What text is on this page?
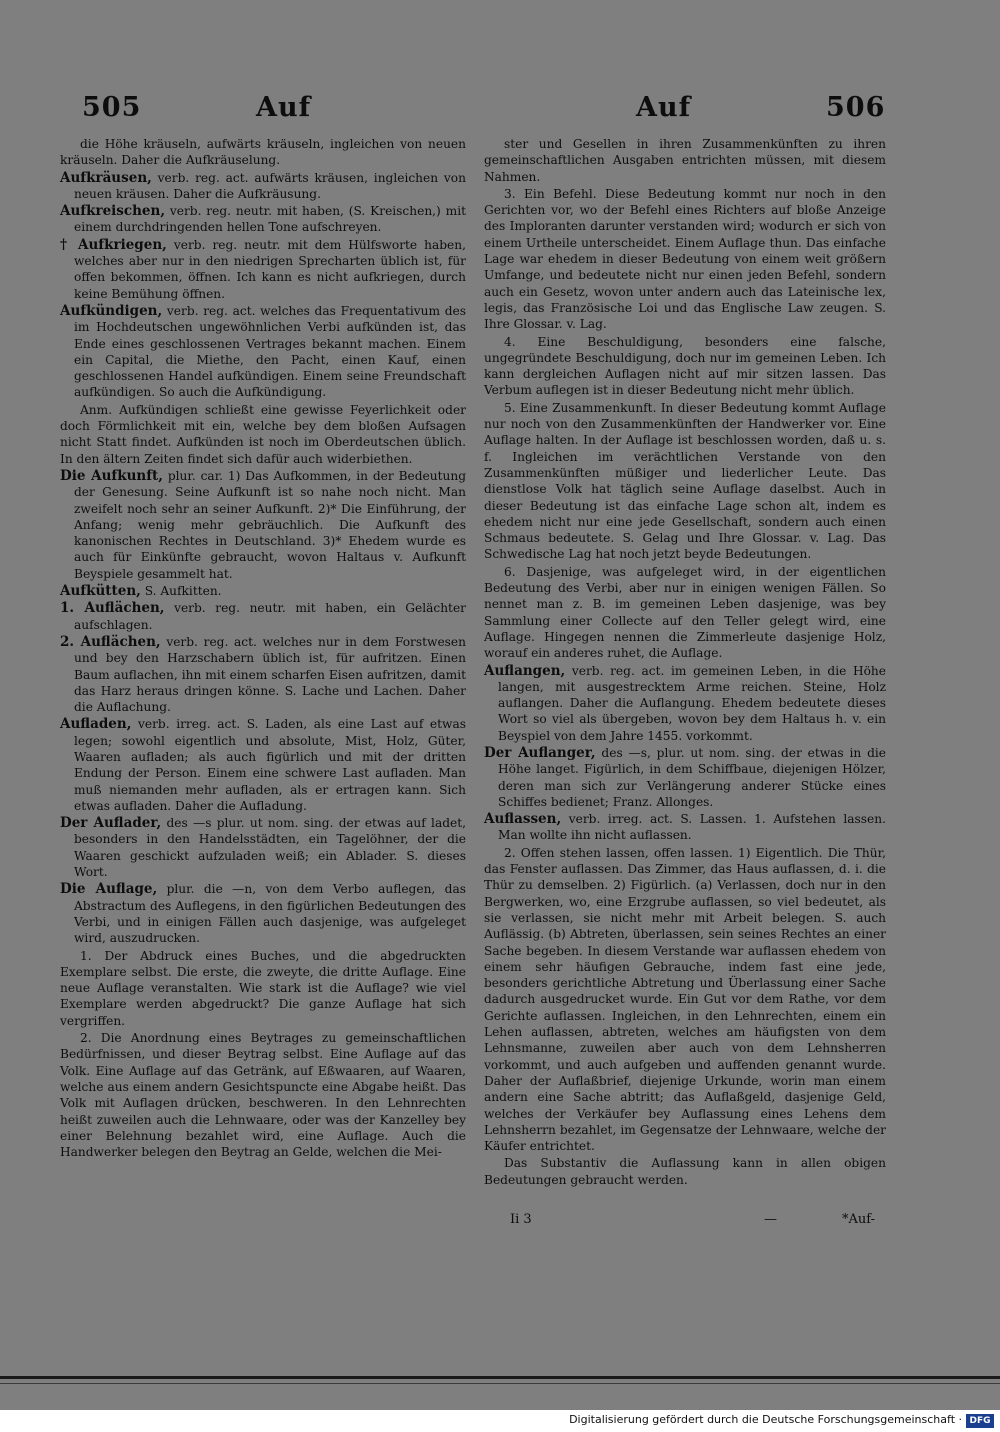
505	Auf	Auf	506

die Höhe kräuseln, aufwärts kräuseln, ingleichen von neuen kräuseln. Daher die Aufkräuselung.

Aufkräusen, verb. reg. act. aufwärts kräusen, ingleichen von neuen kräusen. Daher die Aufkräusung.

Aufkreischen, verb. reg. neutr. mit haben, (S. Kreischen,) mit einem durchdringenden hellen Tone aufschreyen.

† Aufkriegen, verb. reg. neutr. mit dem Hülfsworte haben, welches aber nur in den niedrigen Sprecharten üblich ist, für offen bekommen, öffnen. Ich kann es nicht aufkriegen, durch keine Bemühung öffnen.

Aufkündigen, verb. reg. act. welches das Frequentativum des im Hochdeutschen ungewöhnlichen Verbi aufkünden ist, das Ende eines geschlossenen Vertrages bekannt machen. Einem ein Capital, die Miethe, den Pacht, einen Kauf, einen geschlossenen Handel aufkündigen. Einem seine Freundschaft aufkündigen. So auch die Aufkündigung.

Anm. Aufkündigen schließt eine gewisse Feyerlichkeit oder doch Förmlichkeit mit ein, welche bey dem bloßen Aufsagen nicht Statt findet. Aufkünden ist noch im Oberdeutschen üblich. In den ältern Zeiten findet sich dafür auch widerbiethen.

Die Aufkunft, plur. car. 1) Das Aufkommen, in der Bedeutung der Genesung. Seine Aufkunft ist so nahe noch nicht. Man zweifelt noch sehr an seiner Aufkunft. 2)* Die Einführung, der Anfang; wenig mehr gebräuchlich. Die Aufkunft des kanonischen Rechtes in Deutschland. 3)* Ehedem wurde es auch für Einkünfte gebraucht, wovon Haltaus v. Aufkunft Beyspiele gesammelt hat.

Aufkütten, S. Aufkitten.

1. Auflächen, verb. reg. neutr. mit haben, ein Gelächter aufschlagen.

2. Auflächen, verb. reg. act. welches nur in dem Forstwesen und bey den Harzschabern üblich ist, für aufritzen. Einen Baum auflachen, ihn mit einem scharfen Eisen aufritzen, damit das Harz heraus dringen könne. S. Lache und Lachen. Daher die Auflachung.

Aufladen, verb. irreg. act. S. Laden, als eine Last auf etwas legen; sowohl eigentlich und absolute, Mist, Holz, Güter, Waaren aufladen; als auch figürlich und mit der dritten Endung der Person. Einem eine schwere Last aufladen. Man muß niemanden mehr aufladen, als er ertragen kann. Sich etwas aufladen. Daher die Aufladung.

Der Auflader, des —s plur. ut nom. sing. der etwas auf ladet, besonders in den Handelsstädten, ein Tagelöhner, der die Waaren geschickt aufzuladen weiß; ein Ablader. S. dieses Wort.

Die Auflage, plur. die —n, von dem Verbo auflegen, das Abstractum des Auflegens, in den figürlichen Bedeutungen des Verbi, und in einigen Fällen auch dasjenige, was aufgeleget wird, auszudrucken.

1. Der Abdruck eines Buches, und die abgedruckten Exemplare selbst. Die erste, die zweyte, die dritte Auflage. Eine neue Auflage veranstalten. Wie stark ist die Auflage? wie viel Exemplare werden abgedruckt? Die ganze Auflage hat sich vergriffen.

2. Die Anordnung eines Beytrages zu gemeinschaftlichen Bedürfnissen, und dieser Beytrag selbst. Eine Auflage auf das Volk. Eine Auflage auf das Getränk, auf Eßwaaren, auf Waaren, welche aus einem andern Gesichtspuncte eine Abgabe heißt. Das Volk mit Auflagen drücken, beschweren. In den Lehnrechten heißt zuweilen auch die Lehnwaare, oder was der Kanzelley bey einer Belehnung bezahlet wird, eine Auflage. Auch die Handwerker belegen den Beytrag an Gelde, welchen die Mei-

ster und Gesellen in ihren Zusammenkünften zu ihren gemeinschaftlichen Ausgaben entrichten müssen, mit diesem Nahmen.

3. Ein Befehl. Diese Bedeutung kommt nur noch in den Gerichten vor, wo der Befehl eines Richters auf bloße Anzeige des Imploranten darunter verstanden wird; wodurch er sich von einem Urtheile unterscheidet. Einem Auflage thun. Das einfache Lage war ehedem in dieser Bedeutung von einem weit größern Umfange, und bedeutete nicht nur einen jeden Befehl, sondern auch ein Gesetz, wovon unter andern auch das Lateinische lex, legis, das Französische Loi und das Englische Law zeugen. S. Ihre Glossar. v. Lag.

4. Eine Beschuldigung, besonders eine falsche, ungegründete Beschuldigung, doch nur im gemeinen Leben. Ich kann dergleichen Auflagen nicht auf mir sitzen lassen. Das Verbum auflegen ist in dieser Bedeutung nicht mehr üblich.

5. Eine Zusammenkunft. In dieser Bedeutung kommt Auflage nur noch von den Zusammenkünften der Handwerker vor. Eine Auflage halten. In der Auflage ist beschlossen worden, daß u. s. f. Ingleichen im verächtlichen Verstande von den Zusammenkünften müßiger und liederlicher Leute. Das dienstlose Volk hat täglich seine Auflage daselbst. Auch in dieser Bedeutung ist das einfache Lage schon alt, indem es ehedem nicht nur eine jede Gesellschaft, sondern auch einen Schmaus bedeutete. S. Gelag und Ihre Glossar. v. Lag. Das Schwedische Lag hat noch jetzt beyde Bedeutungen.

6. Dasjenige, was aufgeleget wird, in der eigentlichen Bedeutung des Verbi, aber nur in einigen wenigen Fällen. So nennet man z. B. im gemeinen Leben dasjenige, was bey Sammlung einer Collecte auf den Teller gelegt wird, eine Auflage. Hingegen nennen die Zimmerleute dasjenige Holz, worauf ein anderes ruhet, die Auflage.

Auflangen, verb. reg. act. im gemeinen Leben, in die Höhe langen, mit ausgestrecktem Arme reichen. Steine, Holz auflangen. Daher die Auflangung. Ehedem bedeutete dieses Wort so viel als übergeben, wovon bey dem Haltaus h. v. ein Beyspiel von dem Jahre 1455. vorkommt.

Der Auflanger, des —s, plur. ut nom. sing. der etwas in die Höhe langet. Figürlich, in dem Schiffbaue, diejenigen Hölzer, deren man sich zur Verlängerung anderer Stücke eines Schiffes bedienet; Franz. Allonges.

Auflassen, verb. irreg. act. S. Lassen. 1. Aufstehen lassen. Man wollte ihn nicht auflassen.

2. Offen stehen lassen, offen lassen. 1) Eigentlich. Die Thür, das Fenster auflassen. Das Zimmer, das Haus auflassen, d. i. die Thür zu demselben. 2) Figürlich. (a) Verlassen, doch nur in den Bergwerken, wo, eine Erzgrube auflassen, so viel bedeutet, als sie verlassen, sie nicht mehr mit Arbeit belegen. S. auch Auflässig. (b) Abtreten, überlassen, sein seines Rechtes an einer Sache begeben. In diesem Verstande war auflassen ehedem von einem sehr häufigen Gebrauche, indem fast eine jede, besonders gerichtliche Abtretung und Überlassung einer Sache dadurch ausgedrucket wurde. Ein Gut vor dem Rathe, vor dem Gerichte auflassen. Ingleichen, in den Lehnrechten, einem ein Lehen auflassen, abtreten, welches am häufigsten von dem Lehnsmanne, zuweilen aber auch von dem Lehnsherren vorkommt, und auch aufgeben und auffenden genannt wurde. Daher der Auflaßbrief, diejenige Urkunde, worin man einem andern eine Sache abtritt; das Auflaßgeld, dasjenige Geld, welches der Verkäufer bey Auflassung eines Lehens dem Lehnsherrn bezahlet, im Gegensatze der Lehnwaare, welche der Käufer entrichtet.

Das Substantiv die Auflassung kann in allen obigen Bedeutungen gebraucht werden.

Ii 3	—	*Auf-
Digitalisierung gefördert durch die Deutsche Forschungsgemeinschaft · DFG
